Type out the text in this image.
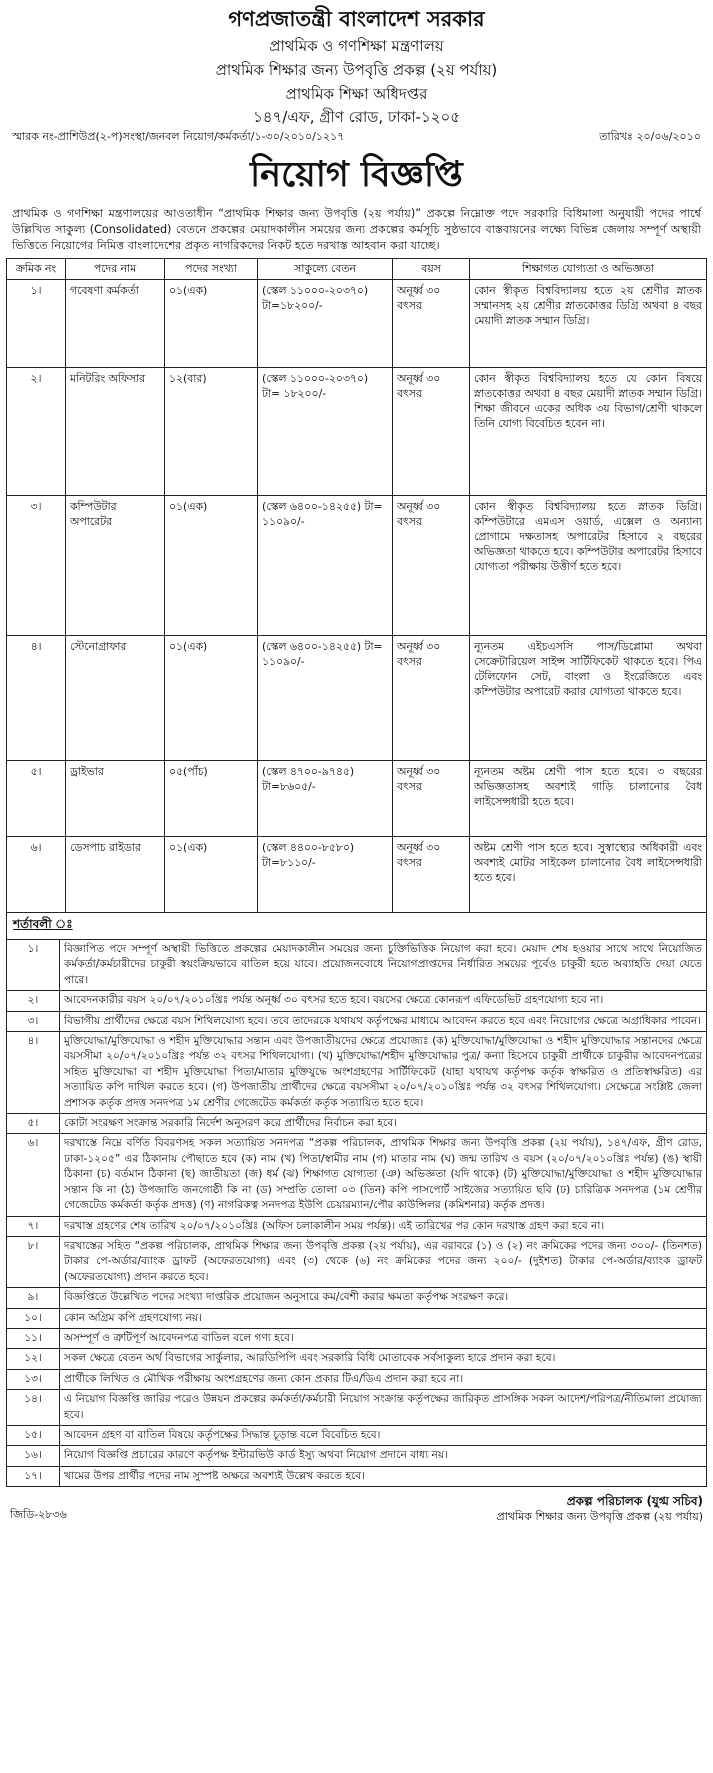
গণপ্রজাতন্ত্রী বাংলাদেশ সরকার
প্রাথমিক ও গণশিক্ষা মন্ত্রণালয়
প্রাথমিক শিক্ষার জন্য উপবৃত্তি প্রকল্প (২য় পর্যায়)
প্রাথমিক শিক্ষা অধিদপ্তর
১৪৭/এফ, গ্রীণ রোড, ঢাকা-১২০৫
স্মারক নং-প্রাশিউপ্র(২-প)সংস্থা/জনবল নিয়োগ/কর্মকর্তা/১-৩০/২০১০/১২১৭	তারিখঃ ২০/০৬/২০১০
নিয়োগ বিজ্ঞপ্তি
প্রাথমিক ও গণশিক্ষা মন্ত্রণালয়ের আওতাধীন “প্রাথমিক শিক্ষার জন্য উপবৃত্তি (২য় পর্যায়)” প্রকল্পে নিম্নোক্ত পদে সরকারি বিধিমালা অনুযায়ী পদের পার্শ্বে উল্লিখিত সাকুল্য (Consolidated) বেতনে প্রকল্পের মেয়াদকালীন সময়ের জন্য প্রকল্পের কর্মসূচি সুষ্ঠভাবে বাস্তবায়নের লক্ষ্যে বিভিন্ন জেলায় সম্পূর্ণ অস্থায়ী ভিত্তিতে নিয়োগের নিমিত্ত বাংলাদেশের প্রকৃত নাগরিকদের নিকট হতে দরখাস্ত আহবান করা যাচ্ছে।
ক্রমিক নং	পদের নাম	পদের সংখ্যা	সাকুল্যে বেতন	বয়স	শিক্ষাগত যোগ্যতা ও অভিজ্ঞতা
১।	গবেষণা কর্মকর্তা	০১(এক)	(স্কেল ১১০০০-২০৩৭০) টা=১৮২০০/-	অনূর্ধ্ব ৩০ বৎসর	কোন স্বীকৃত বিশ্ববিদ্যালয় হতে ২য় শ্রেণীর স্নাতক সম্মানসহ ২য় শ্রেণীর স্নাতকোত্তর ডিগ্রি অথবা ৪ বছর মেয়াদী স্নাতক সম্মান ডিগ্রি।
২।	মনিটরিং অফিসার	১২(বার)	(স্কেল ১১০০০-২০৩৭০) টা= ১৮২০০/-	অনূর্ধ্ব ৩০ বৎসর	কোন স্বীকৃত বিশ্ববিদ্যালয় হতে যে কোন বিষয়ে স্নাতকোত্তর অথবা ৪ বছর মেয়াদী স্নাতক সম্মান ডিগ্রি। শিক্ষা জীবনে একের অধিক ৩য় বিভাগ/শ্রেণী থাকলে তিনি যোগ্য বিবেচিত হবেন না।
৩।	কম্পিউটার অপারেটর	০১(এক)	(স্কেল ৬৪০০-১৪২৫৫) টা= ১১০৯০/-	অনূর্ধ্ব ৩০ বৎসর	কোন স্বীকৃত বিশ্ববিদ্যালয় হতে স্নাতক ডিগ্রি। কম্পিউটারে এমএস ওয়ার্ড, এক্সেল ও অন্যান্য প্রোগামে দক্ষতাসহ অপারেটর হিসাবে ২ বছরের অভিজ্ঞতা থাকতে হবে। কম্পিউটার অপারেটর হিসাবে যোগ্যতা পরীক্ষায় উত্তীর্ণ হতে হবে।
৪।	স্টেনোগ্রাফার	০১(এক)	(স্কেল ৬৪০০-১৪২৫৫) টা= ১১০৯০/-	অনূর্ধ্ব ৩০ বৎসর	ন্যূনতম এইচএসসি পাস/ডিপ্লোমা অথবা সেক্রেটারিয়েল সাইন্স সার্টিফিকেট থাকতে হবে। পিএ টেলিফোন সেট, বাংলা ও ইংরেজিতে এবং কম্পিউটার অপারেট করার যোগ্যতা থাকতে হবে।
৫।	ড্রাইভার	০৫(পাঁচ)	(স্কেল ৪৭০০-৯৭৪৫) টা=৮৬০৫/-	অনূর্ধ্ব ৩০ বৎসর	ন্যূনতম অষ্টম শ্রেণী পাস হতে হবে। ৩ বছরের অভিজ্ঞতাসহ অবশ্যই গাড়ি চালানোর বৈধ লাইসেন্সধারী হতে হবে।
৬।	ডেসপাচ রাইডার	০১(এক)	(স্কেল ৪৪০০-৮৫৮০) টা=৮১১০/-	অনূর্ধ্ব ৩০ বৎসর	অষ্টম শ্রেণী পাস হতে হবে। সুস্বাস্থ্যের অধিকারী এবং অবশ্যই মোটর সাইকেল চালানোর বৈধ লাইসেন্সধারী হতে হবে।
শর্তাবলী ঃ
১।	বিজ্ঞাপিত পদে সম্পূর্ণ অস্থায়ী ভিত্তিতে প্রকল্পের মেয়াদকালীন সময়ের জন্য চুক্তিভিত্তিক নিয়োগ করা হবে। মেয়াদ শেষ হওয়ার সাথে সাথে নিয়োজিত কর্মকর্তা/কর্মচারীদের চাকুরী স্বয়ংক্রিয়ভাবে বাতিল হয়ে যাবে। প্রয়োজনবোধে নিয়োগপ্রাপ্তদের নির্ধারিত সময়ের পূর্বেও চাকুরী হতে অব্যাহতি দেয়া যেতে পারে।
২।	আবেদনকারীর বয়স ২০/০৭/২০১০খ্রিঃ পর্যন্ত অনূর্ধ্ব ৩০ বৎসর হতে হবে। বয়সের ক্ষেত্রে কোনরূপ এফিডেভিট গ্রহণযোগ্য হবে না।
৩।	বিভাগীয় প্রার্থীদের ক্ষেত্রে বয়স শিথিলযোগ্য হবে। তবে তাদেরকে যথাযথ কর্তৃপক্ষের মাধ্যমে আবেদন করতে হবে এবং নিয়োগের ক্ষেত্রে অগ্রাধিকার পাবেন।
৪।	মুক্তিযোদ্ধা/মুক্তিযোদ্ধা ও শহীদ মুক্তিযোদ্ধার সন্তান এবং উপজাতীয়দের ক্ষেত্রে প্রযোজ্যঃ (ক) মুক্তিযোদ্ধা/মুক্তিযোদ্ধা ও শহীদ মুক্তিযোদ্ধার সন্তানদের ক্ষেত্রে বয়সসীমা ২০/০৭/২০১০খ্রিঃ পর্যন্ত ৩২ বৎসর শিথিলযোগ্য। (খ) মুক্তিযোদ্ধা/শহীদ মুক্তিযোদ্ধার পুত্র/ কন্যা হিসেবে চাকুরী প্রার্থীকে চাকুরীর আবেদনপত্রের সহিত মুক্তিযোদ্ধা বা শহীদ মুক্তিযোদ্ধা পিতা/মাতার মুক্তিযুদ্ধে অংশগ্রহণের সার্টিফিকেট (যাহা যথাযথ কর্তৃপক্ষ কর্তৃক স্বাক্ষরিত ও প্রতিস্বাক্ষরিত) এর সত্যায়িত কপি দাখিল করতে হবে। (গ) উপজাতীয় প্রার্থীদের ক্ষেত্রে বয়সসীমা ২০/০৭/২০১০খ্রিঃ পর্যন্ত ৩২ বৎসর শিথিলযোগ্য। সেক্ষেত্রে সংশ্লিষ্ট জেলা প্রশাসক কর্তৃক প্রদত্ত সনদপত্র ১ম শ্রেণীর গেজেটেড কর্মকর্তা কর্তৃক সত্যায়িত হতে হবে।
৫।	কোটা সংরক্ষণ সংক্রান্ত সরকারি নির্দেশ অনুসরণ করে প্রার্থীদের নির্বাচন করা হবে।
৬।	দরখাস্তে নিম্নে বর্ণিত বিবরণসহ সকল সত্যায়িত সনদপত্র “প্রকল্প পরিচালক, প্রাথমিক শিক্ষার জন্য উপবৃত্তি প্রকল্প (২য় পর্যায়), ১৪৭/এফ, গ্রীণ রোড, ঢাকা-১২০৫” এর ঠিকানায় পৌছাতে হবে (ক) নাম (খ) পিতা/স্বামীর নাম (গ) মাতার নাম (ঘ) জন্ম তারিখ ও বয়স (২০/০৭/২০১০খ্রিঃ পর্যন্ত) (ঙ) স্থায়ী ঠিকানা (চ) বর্তমান ঠিকানা (ছ) জাতীয়তা (জ) ধর্ম (ঝ) শিক্ষাগত যোগ্যতা (ঞ) অভিজ্ঞতা (যদি থাকে) (ট) মুক্তিযোদ্ধা/মুক্তিযোদ্ধা ও শহীদ মুক্তিযোদ্ধার সন্তান কি না (ঠ) উপজাতি জনগোষ্ঠী কি না (ড) সম্প্রতি তোলা ০৩ (তিন) কপি পাসপোর্ট সাইজের সত্যায়িত ছবি (ঢ) চারিত্রিক সনদপত্র (১ম শ্রেণীর গেজেটেড কর্মকর্তা কর্তৃক প্রদত্ত) (ণ) নাগরিকত্ব সনদপত্র ইউপি চেয়ারম্যান/পৌর কাউন্সিলর (কমিশনার) কর্তৃক প্রদত্ত।
৭।	দরখাস্ত গ্রহণের শেষ তারিখ ২০/০৭/২০১০খ্রিঃ (অফিস চলাকালীন সময় পর্যন্ত)। এই তারিখের পর কোন দরখাস্ত গ্রহণ করা হবে না।
৮।	দরখাস্তের সহিত “প্রকল্প পরিচালক, প্রাথমিক শিক্ষার জন্য উপবৃত্তি প্রকল্প (২য় পর্যায়), এর বরাবরে (১) ও (২) নং ক্রমিকের পদের জন্য ৩০০/- (তিনশত) টাকার পে-অর্ডার/ব্যাংক ড্রাফট (অফেরতযোগ্য) এবং (৩) থেকে (৬) নং ক্রমিকের পদের জন্য ২০০/- (দুইশত) টাকার পে-অর্ডার/ব্যাংক ড্রাফট (অফেরতযোগ্য) প্রদান করতে হবে।
৯।	বিজ্ঞপ্তিতে উল্লেখিত পদের সংখ্যা দাপ্তরিক প্রয়োজন অনুসারে কম/বেশী করার ক্ষমতা কর্তৃপক্ষ সংরক্ষণ করে।
১০।	কোন অগ্রিম কপি গ্রহণযোগ্য নয়।
১১।	অসম্পূর্ণ ও ত্রুটিপূর্ণ আবেদনপত্র বাতিল বলে গণ্য হবে।
১২।	সকল ক্ষেত্রে বেতন অর্থ বিভাগের সার্কুলার, আরডিপিপি এবং সরকারি বিধি মোতাবেক সর্বসাকুল্য হারে প্রদান করা হবে।
১৩।	প্রার্থীকে লিখিত ও মৌখিক পরীক্ষায় অংশগ্রহণের জন্য কোন প্রকার টিএ/ডিএ প্রদান করা হবে না।
১৪।	এ নিয়োগ বিজ্ঞপ্তি জারির পরেও উন্নয়ন প্রকল্পের কর্মকর্তা/কর্মচারী নিয়োগ সংক্রান্ত কর্তৃপক্ষের জারিকৃত প্রাসঙ্গিক সকল আদেশ/পরিপত্র/নীতিমালা প্রযোজ্য হবে।
১৫।	আবেদন গ্রহণ বা বাতিল বিষয়ে কর্তৃপক্ষের সিদ্ধান্ত চূড়ান্ত বলে বিবেচিত হবে।
১৬।	নিয়োগ বিজ্ঞপ্তি প্রচারের কারণে কর্তৃপক্ষ ইন্টারভিউ কার্ড ইস্যু অথবা নিয়োগ প্রদানে বাধ্য নয়।
১৭।	খামের উপর প্রার্থীর পদের নাম সুস্পষ্ট অক্ষরে অবশ্যই উল্লেখ করতে হবে।
জিডি-২৮৩৬
প্রকল্প পরিচালক (যুগ্ম সচিব)
প্রাথমিক শিক্ষার জন্য উপবৃত্তি প্রকল্প (২য় পর্যায়)
